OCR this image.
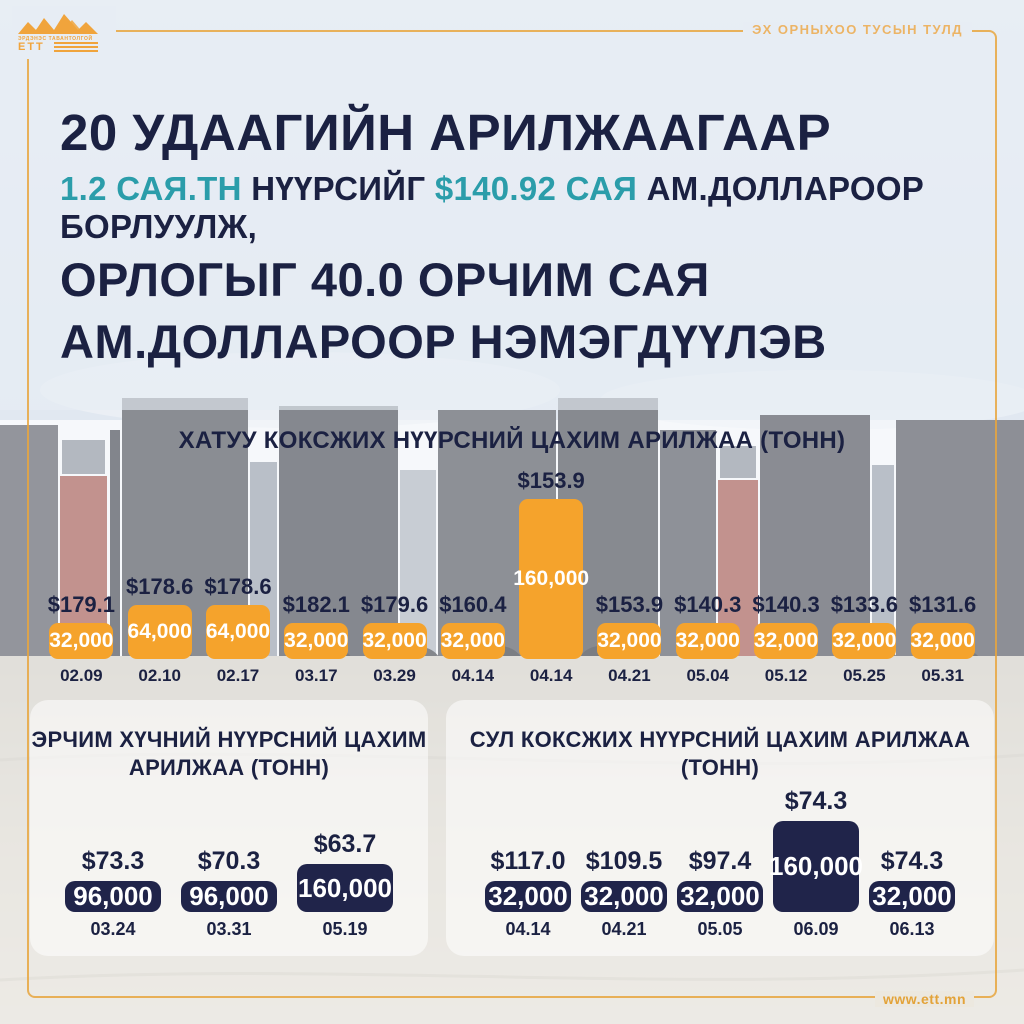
ЭРДЭНЭС ТАВАНТОЛГОЙ
ЕТТ
ЭХ ОРНЫХОО ТУСЫН ТУЛД
20 УДААГИЙН АРИЛЖААГААР
1.2 САЯ.ТН НҮҮРСИЙГ $140.92 САЯ АМ.ДОЛЛАРООР БОРЛУУЛЖ,
ОРЛОГЫГ 40.0 ОРЧИМ САЯ
АМ.ДОЛЛАРООР НЭМЭГДҮҮЛЭВ
ХАТУУ КОКСЖИХ НҮҮРСНИЙ ЦАХИМ АРИЛЖАА (ТОНН)
$179.1
32,000
02.09
$178.6
64,000
02.10
$178.6
64,000
02.17
$182.1
32,000
03.17
$179.6
32,000
03.29
$160.4
32,000
04.14
$153.9
160,000
04.14
$153.9
32,000
04.21
$140.3
32,000
05.04
$140.3
32,000
05.12
$133.6
32,000
05.25
$131.6
32,000
05.31
ЭРЧИМ ХҮЧНИЙ НҮҮРСНИЙ ЦАХИМ АРИЛЖАА (ТОНН)
$73.3
96,000
03.24
$70.3
96,000
03.31
$63.7
160,000
05.19
СУЛ КОКСЖИХ НҮҮРСНИЙ ЦАХИМ АРИЛЖАА (ТОНН)
$117.0
32,000
04.14
$109.5
32,000
04.21
$97.4
32,000
05.05
$74.3
160,000
06.09
$74.3
32,000
06.13
www.ett.mn
